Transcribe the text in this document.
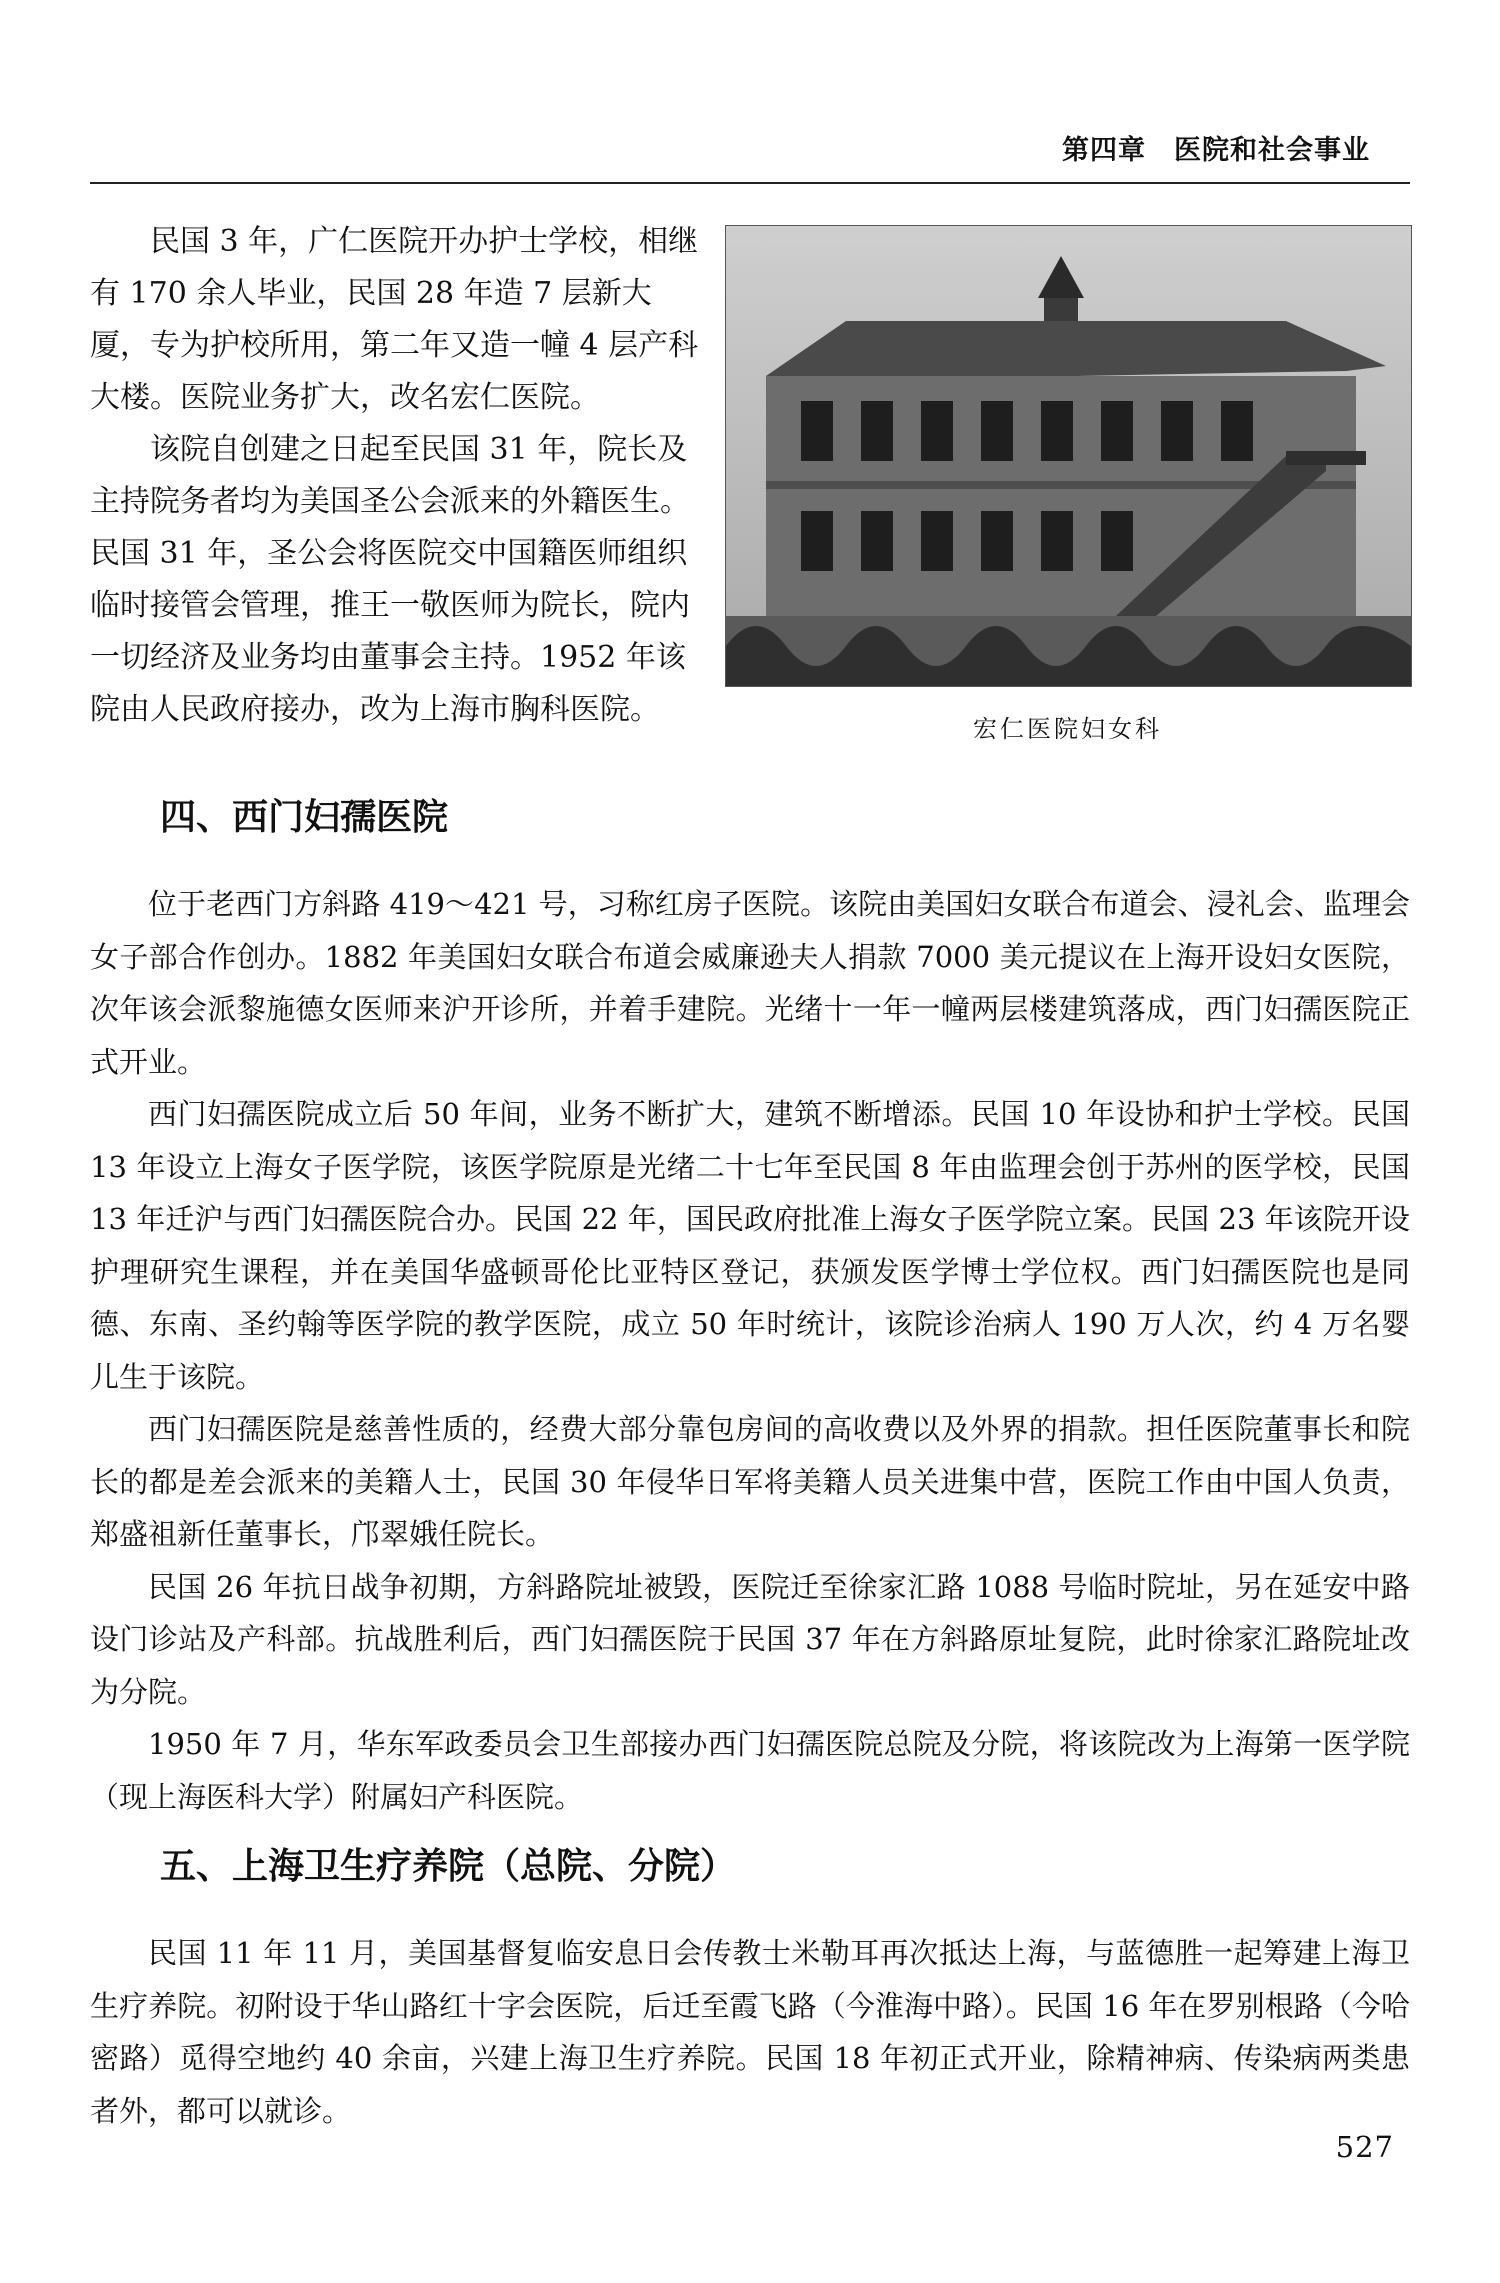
第四章　医院和社会事业

民国 3 年，广仁医院开办护士学校，相继有 170 余人毕业，民国 28 年造 7 层新大厦，专为护校所用，第二年又造一幢 4 层产科大楼。医院业务扩大，改名宏仁医院。

该院自创建之日起至民国 31 年，院长及主持院务者均为美国圣公会派来的外籍医生。民国 31 年，圣公会将医院交中国籍医师组织临时接管会管理，推王一敬医师为院长，院内一切经济及业务均由董事会主持。1952 年该院由人民政府接办，改为上海市胸科医院。

宏仁医院妇女科
四、西门妇孺医院

位于老西门方斜路 419～421 号，习称红房子医院。该院由美国妇女联合布道会、浸礼会、监理会女子部合作创办。1882 年美国妇女联合布道会威廉逊夫人捐款 7000 美元提议在上海开设妇女医院，次年该会派黎施德女医师来沪开诊所，并着手建院。光绪十一年一幢两层楼建筑落成，西门妇孺医院正式开业。

西门妇孺医院成立后 50 年间，业务不断扩大，建筑不断增添。民国 10 年设协和护士学校。民国 13 年设立上海女子医学院，该医学院原是光绪二十七年至民国 8 年由监理会创于苏州的医学校，民国 13 年迁沪与西门妇孺医院合办。民国 22 年，国民政府批准上海女子医学院立案。民国 23 年该院开设护理研究生课程，并在美国华盛顿哥伦比亚特区登记，获颁发医学博士学位权。西门妇孺医院也是同德、东南、圣约翰等医学院的教学医院，成立 50 年时统计，该院诊治病人 190 万人次，约 4 万名婴儿生于该院。

西门妇孺医院是慈善性质的，经费大部分靠包房间的高收费以及外界的捐款。担任医院董事长和院长的都是差会派来的美籍人士，民国 30 年侵华日军将美籍人员关进集中营，医院工作由中国人负责，郑盛祖新任董事长，邝翠娥任院长。

民国 26 年抗日战争初期，方斜路院址被毁，医院迁至徐家汇路 1088 号临时院址，另在延安中路设门诊站及产科部。抗战胜利后，西门妇孺医院于民国 37 年在方斜路原址复院，此时徐家汇路院址改为分院。

1950 年 7 月，华东军政委员会卫生部接办西门妇孺医院总院及分院，将该院改为上海第一医学院（现上海医科大学）附属妇产科医院。

五、上海卫生疗养院（总院、分院）

民国 11 年 11 月，美国基督复临安息日会传教士米勒耳再次抵达上海，与蓝德胜一起筹建上海卫生疗养院。初附设于华山路红十字会医院，后迁至霞飞路（今淮海中路）。民国 16 年在罗别根路（今哈密路）觅得空地约 40 余亩，兴建上海卫生疗养院。民国 18 年初正式开业，除精神病、传染病两类患者外，都可以就诊。

527
